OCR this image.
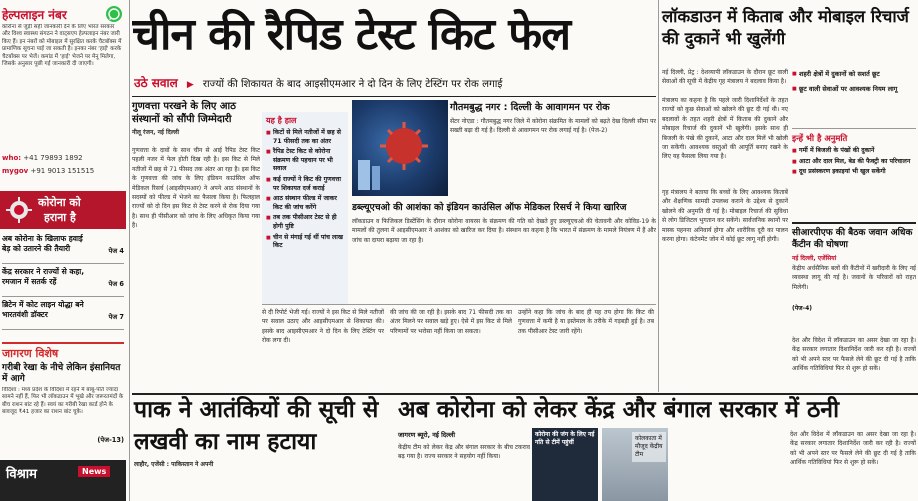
हेल्पलाइन नंबर
कोरोना से जुड़ी सही जानकारी देने के लिए भारत सरकार और विश्व स्वास्थ्य संगठन ने वाट्सएप हेल्पलाइन नंबर जारी किए हैं। इन नंबरों को मोबाइल में सुरक्षित करके चैटबॉक्स में प्रामाणिक सूचना पाई जा सकती है। इनका नंबर 'हाई' करके चैटबॉक्स पर भेजें। कमांड में 'हाई' भेजने पर मेनू मिलेगा, जिसके अनुसार पूछी गई जानकारी दी जाएगी।
who: +41 79893 1892
mygov +91 9013 151515
कोरोना को
हराना है
अब कोरोना के खिलाफ हवाई बेड़ को उतारने की तैयारी	पेज 4
केंद्र सरकार ने राज्यों से कहा, रमजान में सतर्क रहें	पेज 6
ब्रिटेन में कोट लाइन योद्धा बने भारतवंशी डॉक्टर	पेज 7
जागरण विशेष
गरीबी रेखा के नीचे लेकिन इंसानियत में आगे
विदिशा : मध्य प्रदेश के विदिशा में रहने में बाबू-पति ज्यादा सामने नहीं हैं, फिर भी लॉकडाउन में भूखे और जरूरतमंदों के बीच राशन बांट रहे हैं। स्वयं का गरीबी रेखा कार्ड होने के बावजूद ₹41 हजार का राशन बांट चुके।
(पेज-13)
विश्राम	News
चीन की रैपिड टेस्ट किट फेल
उठे सवाल ▶ राज्यों की शिकायत के बाद आइसीएमआर ने दो दिन के लिए टेस्टिंग पर रोक लगाई
गुणवत्ता परखने के लिए आठ संस्थानों को सौंपी जिम्मेदारी
नीलू रंजन, नई दिल्ली
गुणवत्ता के दावों के साथ चीन से आई रैपिड टेस्ट किट पहली नजर में फेल होती दिख रही है। इस किट से मिले नतीजों में छह से 71 फीसद तक अंतर आ रहा है। इस किट के गुणवत्ता की जांच के लिए इंडियन काउंसिल ऑफ मेडिकल रिसर्च (आइसीएमआर) ने अपने आठ संस्थानों के सदस्यों को फील्ड में भेजने का फैसला किया है। फिलहाल राज्यों को दो दिन इस किट से टेस्ट करने से रोक दिया गया है। साथ ही पीसीआर को जांच के लिए अधिकृत किया गया है।
यह है हाल
■ किटों से मिले नतीजों में छह से 71 फीसदी तक का अंतर
■ रैपिड टेस्ट किट से कोरोना संक्रमण की पहचान पर भी सवाल
■ कई राज्यों ने किट की गुणवत्ता पर शिकायत दर्ज कराई
■ आठ संस्थान फील्ड में जाकर किट की जांच करेंगे
■ तब तक पीसीआर टेस्ट से ही होगी पुष्टि
■ चीन से मंगाई गई थीं पांच लाख किट
गौतमबुद्ध नगर : दिल्ली के आवागमन पर रोक
सेंटर नोएडा : गौतमबुद्ध नगर जिले में कोरोना संक्रमित के मामलों को बढ़ते देख दिल्ली सीमा पर सख्ती बढ़ा दी गई है। दिल्ली से आवागमन पर रोक लगाई गई है। (पेज-2)
डब्ल्यूएचओ की आशंका को इंडियन काउंसिल ऑफ मेडिकल रिसर्च ने किया खारिज
लॉकडाउन व फिजिकल डिस्टेंसिंग के दौरान कोरोना वायरस के संक्रमण की गति को देखते हुए डब्ल्यूएचओ की चेतावनी और कोविड-19 के मामलों की तुलना में आइसीएमआर ने आशंका को खारिज कर दिया है। संस्थान का कहना है कि भारत में संक्रमण के मामले नियंत्रण में हैं और जांच का दायरा बढ़ाया जा रहा है।
से दी रिपोर्ट भेजी गई। राज्यों ने इस किट से मिले नतीजों पर सवाल उठाए और आइसीएमआर से शिकायत की। इसके बाद आइसीएमआर ने दो दिन के लिए टेस्टिंग पर रोक लगा दी।
की जांच की जा रही है। इसके बाद 71 फीसदी तक का अंतर मिलने पर सवाल खड़े हुए। ऐसे में इस किट से मिले परिणामों पर भरोसा नहीं किया जा सकता।
उन्होंने कहा कि जांच के बाद ही यह तय होगा कि किट की गुणवत्ता में कमी है या इस्तेमाल के तरीके में गड़बड़ी हुई है। तब तक पीसीआर टेस्ट जारी रहेंगे।
लॉकडाउन में किताब और मोबाइल रिचार्ज की दुकानें भी खुलेंगी
नई दिल्ली, प्रेट्र : देशव्यापी लॉकडाउन के दौरान छूट वाली सेवाओं की सूची में केंद्रीय गृह मंत्रालय ने बदलाव किया है।
मंत्रालय का कहना है कि पहले जारी दिशानिर्देशों के तहत राज्यों को कुछ सेवाओं को खोलने की छूट दी गई थी। नए बदलावों के तहत शहरी क्षेत्रों में किताब की दुकानें और मोबाइल रिचार्ज की दुकानें भी खुलेंगी। इसके साथ ही बिजली के पंखे की दुकानें, आटा और दाल मिलें भी खोली जा सकेंगी। आवश्यक वस्तुओं की आपूर्ति बनाए रखने के लिए यह फैसला लिया गया है।
गृह मंत्रालय ने बताया कि बच्चों के लिए आवश्यक किताबें और शैक्षणिक सामग्री उपलब्ध कराने के उद्देश्य से दुकानें खोलने की अनुमति दी गई है। मोबाइल रिचार्ज की सुविधा से लोग डिजिटल भुगतान कर सकेंगे। सार्वजनिक स्थानों पर मास्क पहनना अनिवार्य होगा और शारीरिक दूरी का पालन करना होगा। कंटेनमेंट जोन में कोई छूट लागू नहीं होगी।
■ शहरी क्षेत्रों में दुकानों को सशर्त छूट
■ छूट वाली सेवाओं पर आवश्यक नियम लागू
इन्हें भी है अनुमति
■ गर्मी में बिजली के पंखों की दुकानें
■ आटा और दाल मिल, बेड की फैक्ट्री का परिचालन
■ दूध प्रसंस्करण इकाइयां भी खुल सकेंगी
सीआरपीएफ की बैठक जवान अधिक कैंटीन की घोषणा
नई दिल्ली, एजेंसियां
केंद्रीय अर्धसैनिक बलों की कैंटीनों में खरीदारी के लिए नई व्यवस्था लागू की गई है। जवानों के परिवारों को राहत मिलेगी।
(पेज-4)
देश और विदेश में लॉकडाउन का असर देखा जा रहा है। केंद्र सरकार लगातार दिशानिर्देश जारी कर रही है। राज्यों को भी अपने स्तर पर फैसले लेने की छूट दी गई है ताकि आर्थिक गतिविधियां फिर से शुरू हो सकें।
पाक ने आतंकियों की सूची से लखवी का नाम हटाया
लाहौर, एजेंसी : पाकिस्तान ने अपनी
अब कोरोना को लेकर केंद्र और बंगाल सरकार में ठनी
जागरण ब्यूरो, नई दिल्ली
केंद्रीय टीम को लेकर केंद्र और बंगाल सरकार के बीच टकराव बढ़ गया है। राज्य सरकार ने सहयोग नहीं किया।
कोरोना की जंग के लिए नई गति से टीमें पहुंचीं
कोलकाता में मौजूद केंद्रीय टीम
देश और विदेश में लॉकडाउन का असर देखा जा रहा है। केंद्र सरकार लगातार दिशानिर्देश जारी कर रही है। राज्यों को भी अपने स्तर पर फैसले लेने की छूट दी गई है ताकि आर्थिक गतिविधियां फिर से शुरू हो सकें।
